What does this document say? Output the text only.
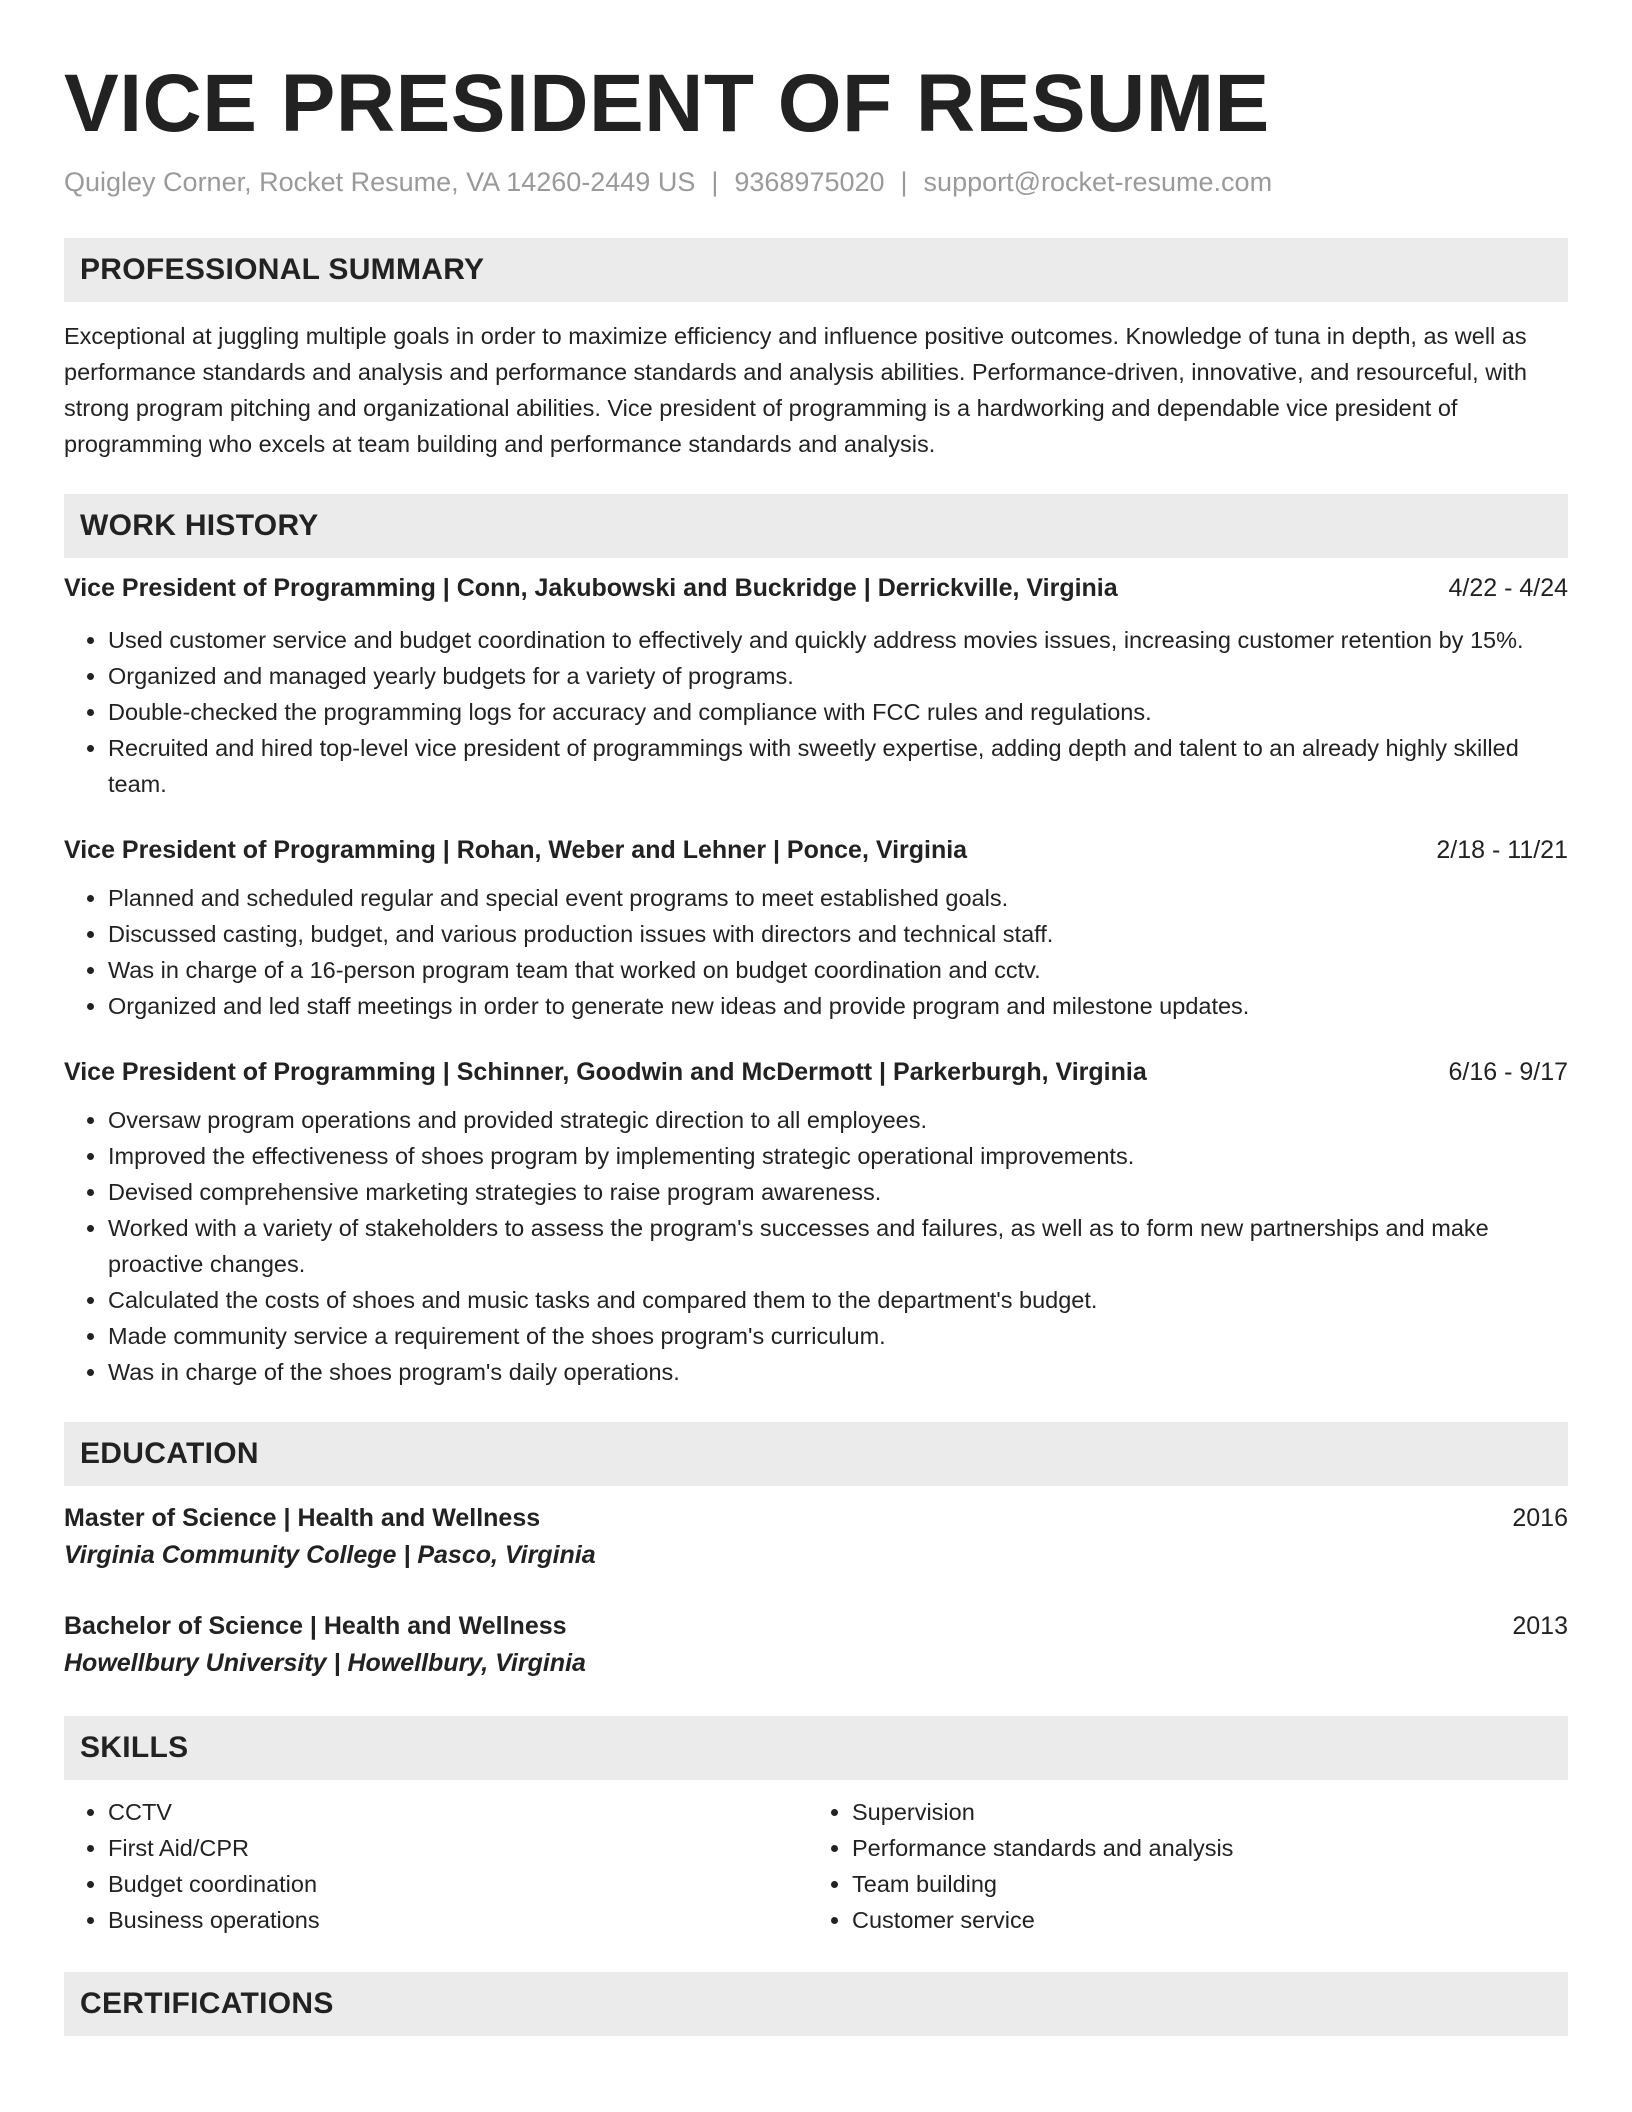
VICE PRESIDENT OF RESUME
Quigley Corner, Rocket Resume, VA 14260-2449 US | 9368975020 | support@rocket-resume.com
PROFESSIONAL SUMMARY

Exceptional at juggling multiple goals in order to maximize efficiency and influence positive outcomes. Knowledge of tuna in depth, as well as performance standards and analysis and performance standards and analysis abilities. Performance-driven, innovative, and resourceful, with strong program pitching and organizational abilities. Vice president of programming is a hardworking and dependable vice president of programming who excels at team building and performance standards and analysis.

WORK HISTORY
Vice President of Programming | Conn, Jakubowski and Buckridge | Derrickville, Virginia	4/22 - 4/24
• Used customer service and budget coordination to effectively and quickly address movies issues, increasing customer retention by 15%.
• Organized and managed yearly budgets for a variety of programs.
• Double-checked the programming logs for accuracy and compliance with FCC rules and regulations.
• Recruited and hired top-level vice president of programmings with sweetly expertise, adding depth and talent to an already highly skilled team.
Vice President of Programming | Rohan, Weber and Lehner | Ponce, Virginia	2/18 - 11/21
• Planned and scheduled regular and special event programs to meet established goals.
• Discussed casting, budget, and various production issues with directors and technical staff.
• Was in charge of a 16-person program team that worked on budget coordination and cctv.
• Organized and led staff meetings in order to generate new ideas and provide program and milestone updates.
Vice President of Programming | Schinner, Goodwin and McDermott | Parkerburgh, Virginia	6/16 - 9/17
• Oversaw program operations and provided strategic direction to all employees.
• Improved the effectiveness of shoes program by implementing strategic operational improvements.
• Devised comprehensive marketing strategies to raise program awareness.
• Worked with a variety of stakeholders to assess the program's successes and failures, as well as to form new partnerships and make proactive changes.
• Calculated the costs of shoes and music tasks and compared them to the department's budget.
• Made community service a requirement of the shoes program's curriculum.
• Was in charge of the shoes program's daily operations.
EDUCATION
Master of Science | Health and Wellness	2016
Virginia Community College | Pasco, Virginia
Bachelor of Science | Health and Wellness	2013
Howellbury University | Howellbury, Virginia
SKILLS
• CCTV
• First Aid/CPR
• Budget coordination
• Business operations
• Supervision
• Performance standards and analysis
• Team building
• Customer service
CERTIFICATIONS
